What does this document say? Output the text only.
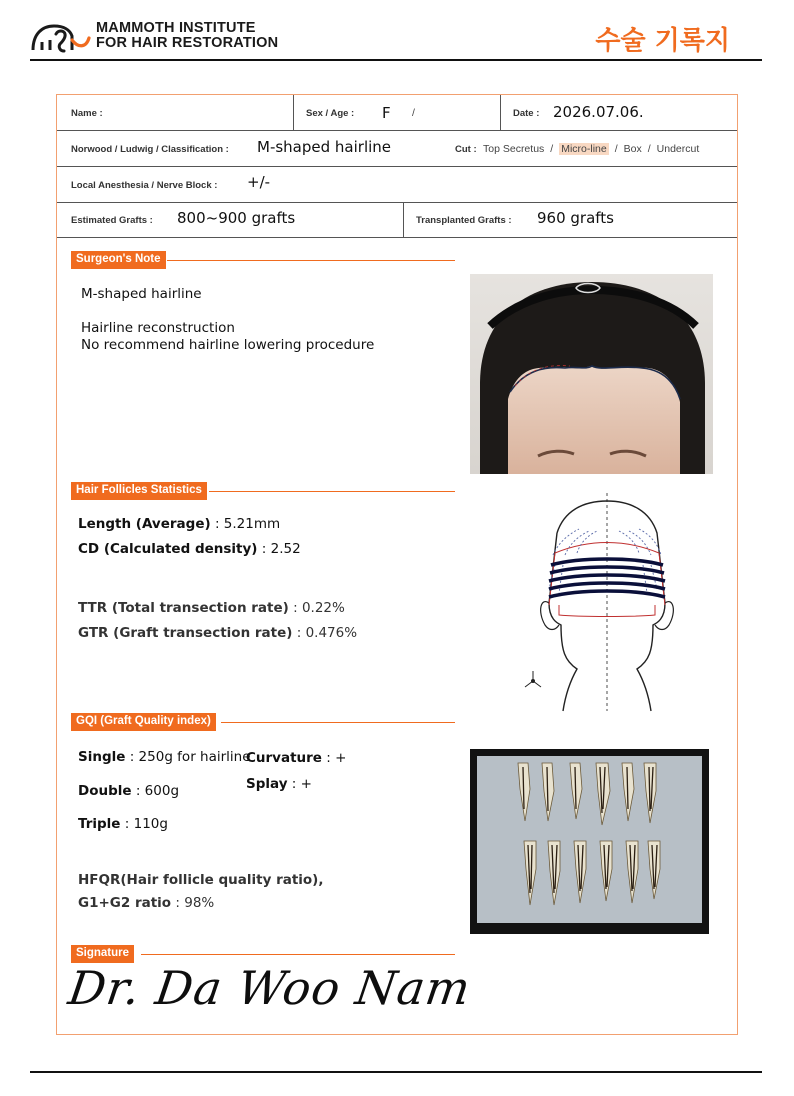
MAMMOTH INSTITUTE
FOR HAIR RESTORATION	수술 기록지
Name :	Sex / Age : F /	Date : 2026.07.06.
Norwood / Ludwig / Classification : M-shaped hairline	Cut : Top Secretus / Micro-line / Box / Undercut
Local Anesthesia / Nerve Block : +/-
Estimated Grafts : 800~900 grafts	Transplanted Grafts : 960 grafts
Surgeon's Note
M-shaped hairline
Hairline reconstruction
No recommend hairline lowering procedure
Hair Follicles Statistics
Length (Average) : 5.21mm
CD (Calculated density) : 2.52
TTR (Total transection rate) : 0.22%
GTR (Graft transection rate) : 0.476%
GQI (Graft Quality index)
Single : 250g for hairline
Curvature : +
Splay : +
Double : 600g
Triple : 110g
HFQR(Hair follicle quality ratio),
G1+G2 ratio : 98%
Signature
Dr. Da Woo Nam
